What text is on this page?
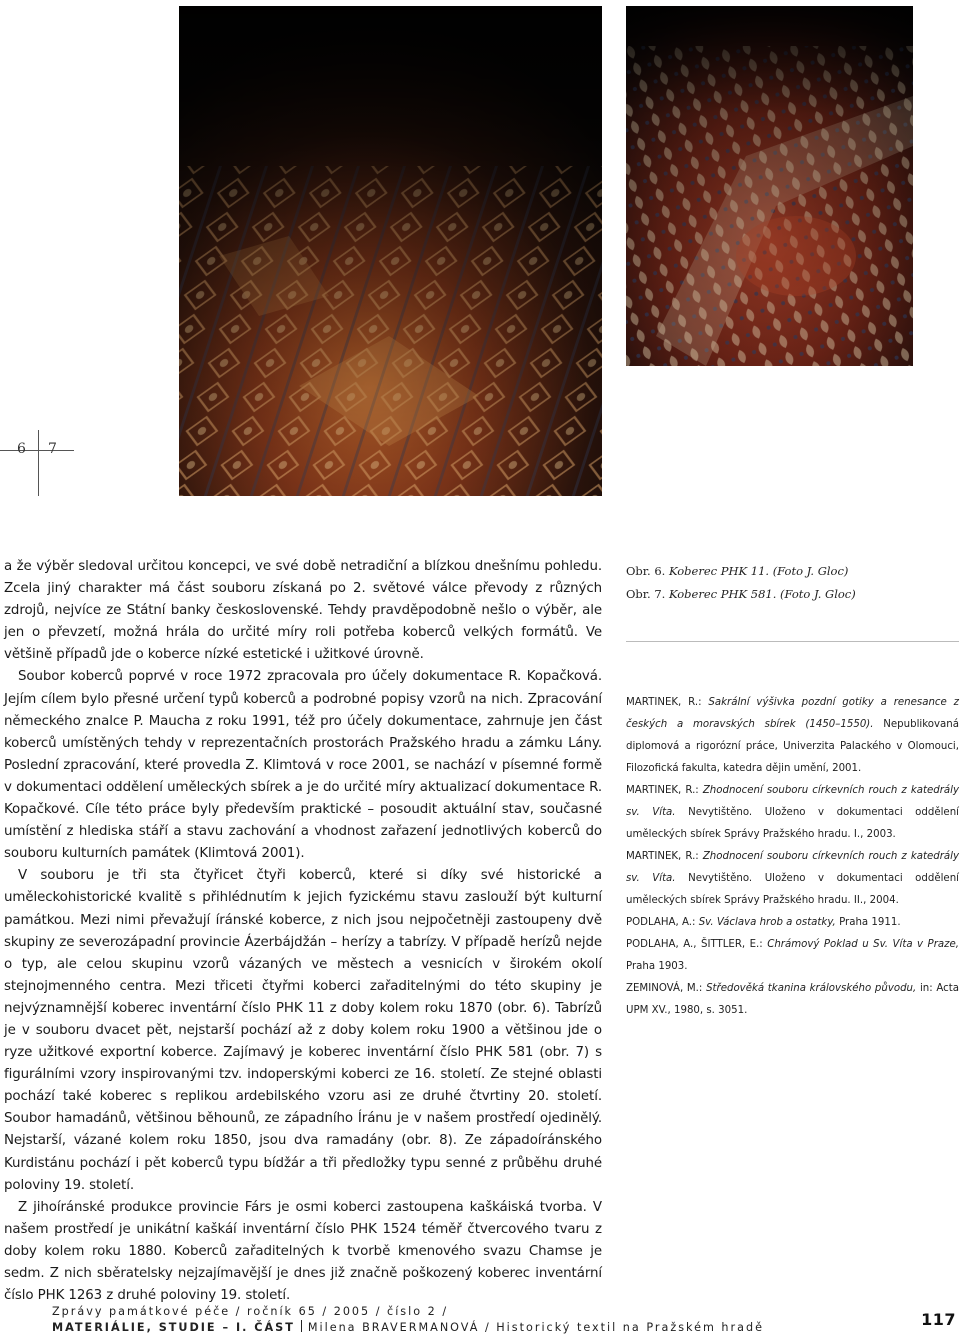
6 7

a že výběr sledoval určitou koncepci, ve své době netradiční a blízkou dnešnímu pohledu. Zcela jiný charakter má část souboru získaná po 2. světové válce převody z různých zdrojů, nejvíce ze Státní banky československé. Tehdy pravděpodobně nešlo o výběr, ale jen o převzetí, možná hrála do určité míry roli potřeba koberců velkých formátů. Ve většině případů jde o koberce nízké estetické i užitkové úrovně.

Soubor koberců poprvé v roce 1972 zpracovala pro účely dokumentace R. Kopačková. Jejím cílem bylo přesné určení typů koberců a podrobné popisy vzorů na nich. Zpracování německého znalce P. Maucha z roku 1991, též pro účely dokumentace, zahrnuje jen část koberců umístěných tehdy v reprezentačních prostorách Pražského hradu a zámku Lány. Poslední zpracování, které provedla Z. Klimtová v roce 2001, se nachází v písemné formě v dokumentaci oddělení uměleckých sbírek a je do určité míry aktualizací dokumentace R. Kopačkové. Cíle této práce byly především praktické – posoudit aktuální stav, současné umístění z hlediska stáří a stavu zachování a vhodnost zařazení jednotlivých koberců do souboru kulturních památek (Klimtová 2001).

V souboru je tři sta čtyřicet čtyři koberců, které si díky své historické a uměleckohistorické kvalitě s přihlédnutím k jejich fyzickému stavu zaslouží být kulturní památkou. Mezi nimi převažují íránské koberce, z nich jsou nejpočetněji zastoupeny dvě skupiny ze severozápadní provincie Ázerbájdžán – herízy a tabrízy. V případě herízů nejde o typ, ale celou skupinu vzorů vázaných ve městech a vesnicích v širokém okolí stejnojmenného centra. Mezi třiceti čtyřmi koberci zařaditelnými do této skupiny je nejvýznamnější koberec inventární číslo PHK 11 z doby kolem roku 1870 (obr. 6). Tabrízů je v souboru dvacet pět, nejstarší pochází až z doby kolem roku 1900 a většinou jde o ryze užitkové exportní koberce. Zajímavý je koberec inventární číslo PHK 581 (obr. 7) s figurálními vzory inspirovanými tzv. indoperskými koberci ze 16. století. Ze stejné oblasti pochází také koberec s replikou ardebilského vzoru asi ze druhé čtvrtiny 20. století. Soubor hamadánů, většinou běhounů, ze západního Íránu je v našem prostředí ojedinělý. Nejstarší, vázané kolem roku 1850, jsou dva ramadány (obr. 8). Ze západoíránského Kurdistánu pochází i pět koberců typu bídžár a tři předložky typu senné z průběhu druhé poloviny 19. století.

Z jihoíránské produkce provincie Fárs je osmi koberci zastoupena kaškáiská tvorba. V našem prostředí je unikátní kaškáí inventární číslo PHK 1524 téměř čtvercového tvaru z doby kolem roku 1880. Koberců zařaditelných k tvorbě kmenového svazu Chamse je sedm. Z nich sběratelsky nejzajímavější je dnes již značně poškozený koberec inventární číslo PHK 1263 z druhé poloviny 19. století.

Obr. 6. Koberec PHK 11. (Foto J. Gloc)
Obr. 7. Koberec PHK 581. (Foto J. Gloc)

MARTINEK, R.: Sakrální výšivka pozdní gotiky a renesance z českých a moravských sbírek (1450–1550). Nepublikovaná diplomová a rigorózní práce, Univerzita Palackého v Olomouci, Filozofická fakulta, katedra dějin umění, 2001.

MARTINEK, R.: Zhodnocení souboru církevních rouch z katedrály sv. Víta. Nevytištěno. Uloženo v dokumentaci oddělení uměleckých sbírek Správy Pražského hradu. I., 2003.

MARTINEK, R.: Zhodnocení souboru církevních rouch z katedrály sv. Víta. Nevytištěno. Uloženo v dokumentaci oddělení uměleckých sbírek Správy Pražského hradu. II., 2004.

PODLAHA, A.: Sv. Václava hrob a ostatky, Praha 1911.

PODLAHA, A., ŠITTLER, E.: Chrámový Poklad u Sv. Víta v Praze, Praha 1903.

ZEMINOVÁ, M.: Středověká tkanina královského původu, in: Acta UPM XV., 1980, s. 3051.

Zprávy památkové péče / ročník 65 / 2005 / číslo 2 /
MATERIÁLIE, STUDIE – I. ČÁST Milena BRAVERMANOVÁ / Historický textil na Pražském hradě	117
